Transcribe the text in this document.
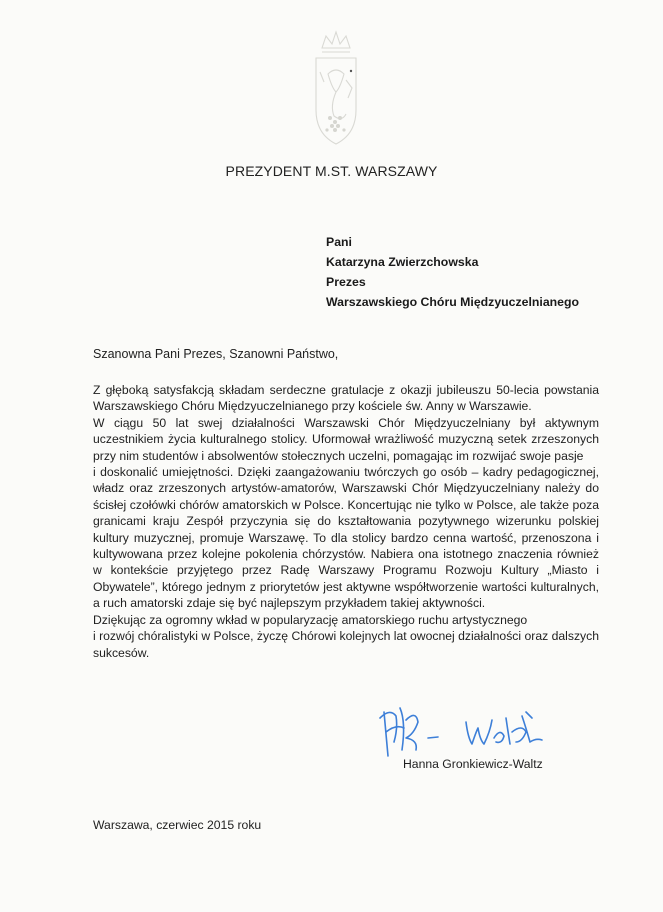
PREZYDENT M.ST. WARSZAWY
Pani
Katarzyna Zwierzchowska
Prezes
Warszawskiego Chóru Międzyuczelnianego
Szanowna Pani Prezes, Szanowni Państwo,

Z głęboką satysfakcją składam serdeczne gratulacje z okazji jubileuszu 50-lecia powstania Warszawskiego Chóru Międzyuczelnianego przy kościele św. Anny w Warszawie.

W ciągu 50 lat swej działalności Warszawski Chór Międzyuczelniany był aktywnym uczestnikiem życia kulturalnego stolicy. Uformował wrażliwość muzyczną setek zrzeszonych przy nim studentów i absolwentów stołecznych uczelni, pomagając im rozwijać swoje pasje

i doskonalić umiejętności. Dzięki zaangażowaniu twórczych go osób – kadry pedagogicznej, władz oraz zrzeszonych artystów-amatorów, Warszawski Chór Międzyuczelniany należy do ścisłej czołówki chórów amatorskich w Polsce. Koncertując nie tylko w Polsce, ale także poza granicami kraju Zespół przyczynia się do kształtowania pozytywnego wizerunku polskiej kultury muzycznej, promuje Warszawę. To dla stolicy bardzo cenna wartość, przenoszona i kultywowana przez kolejne pokolenia chórzystów. Nabiera ona istotnego znaczenia również w kontekście przyjętego przez Radę Warszawy Programu Rozwoju Kultury „Miasto i Obywatele”, którego jednym z priorytetów jest aktywne współtworzenie wartości kulturalnych, a ruch amatorski zdaje się być najlepszym przykładem takiej aktywności.

Dziękując za ogromny wkład w popularyzację amatorskiego ruchu artystycznego

i rozwój chóralistyki w Polsce, życzę Chórowi kolejnych lat owocnej działalności oraz dalszych sukcesów.

Hanna Gronkiewicz-Waltz
Warszawa, czerwiec 2015 roku
